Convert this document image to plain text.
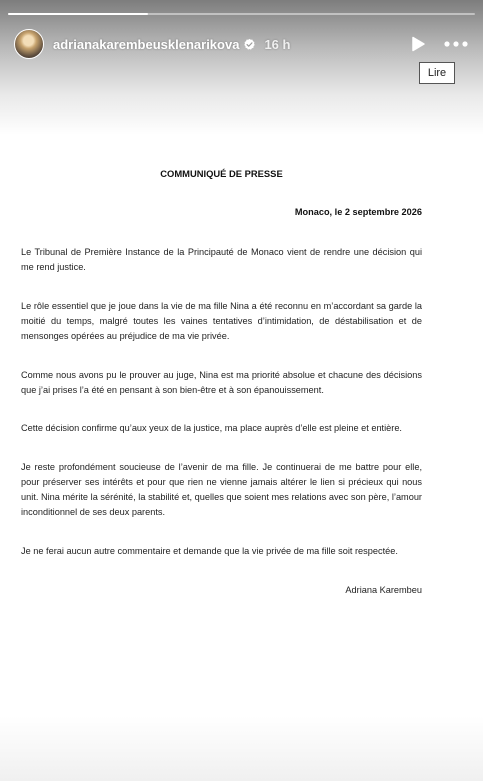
adrianakarembeusklenarikova 16 h
Lire
COMMUNIQUÉ DE PRESSE
Monaco, le 2 septembre 2026

Le Tribunal de Première Instance de la Principauté de Monaco vient de rendre une décision qui me rend justice.

Le rôle essentiel que je joue dans la vie de ma fille Nina a été reconnu en m’accordant sa garde la moitié du temps, malgré toutes les vaines tentatives d’intimidation, de déstabilisation et de mensonges opérées au préjudice de ma vie privée.

Comme nous avons pu le prouver au juge, Nina est ma priorité absolue et chacune des décisions que j’ai prises l’a été en pensant à son bien-être et à son épanouissement.

Cette décision confirme qu’aux yeux de la justice, ma place auprès d’elle est pleine et entière.

Je reste profondément soucieuse de l’avenir de ma fille. Je continuerai de me battre pour elle, pour préserver ses intérêts et pour que rien ne vienne jamais altérer le lien si précieux qui nous unit. Nina mérite la sérénité, la stabilité et, quelles que soient mes relations avec son père, l’amour inconditionnel de ses deux parents.

Je ne ferai aucun autre commentaire et demande que la vie privée de ma fille soit respectée.

Adriana Karembeu
